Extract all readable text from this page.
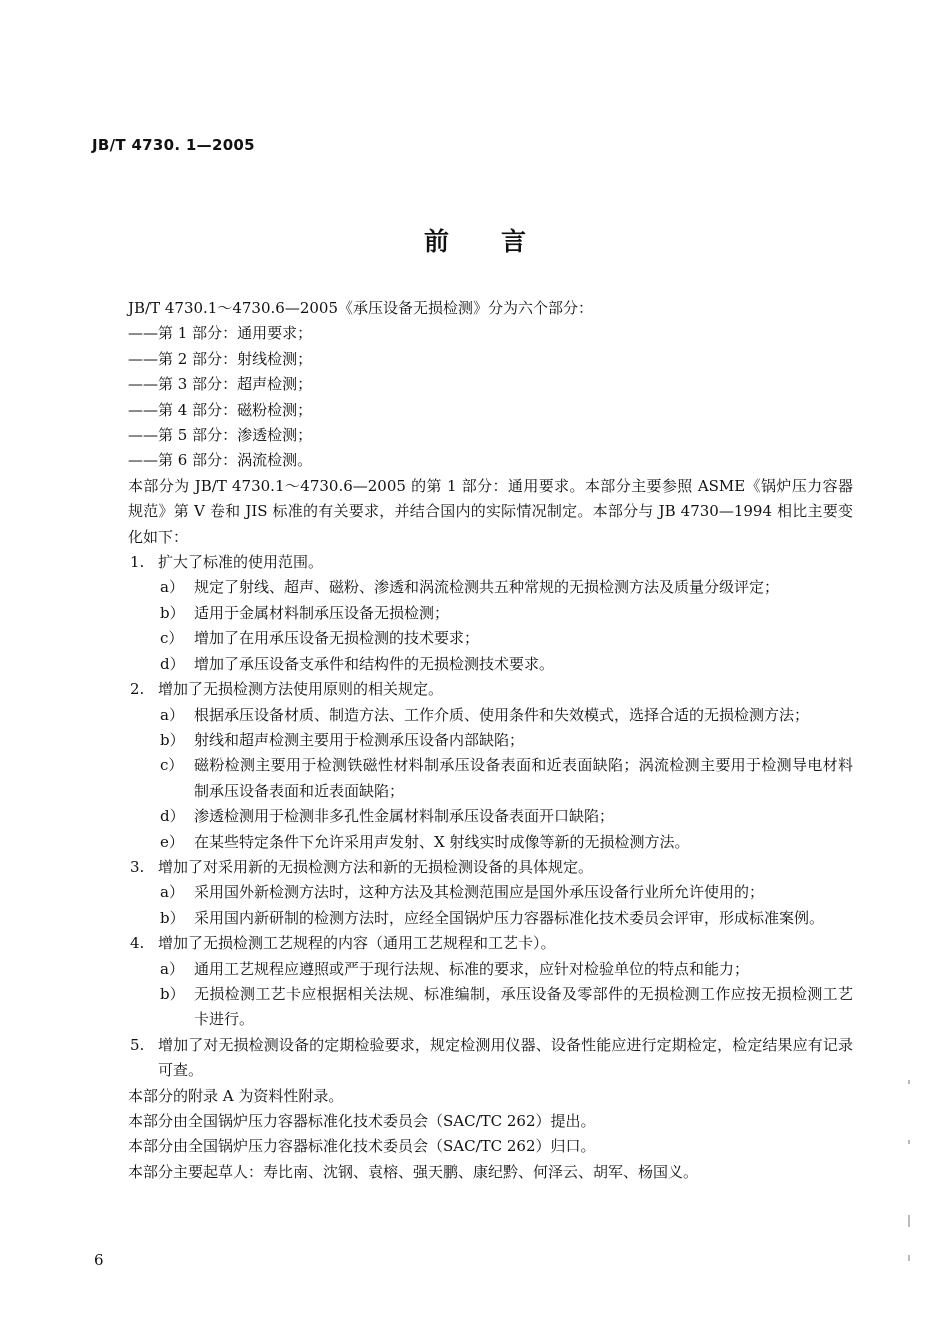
JB/T 4730. 1—2005
前言

JB/T 4730.1～4730.6—2005《承压设备无损检测》分为六个部分：

——第 1 部分：通用要求；

——第 2 部分：射线检测；

——第 3 部分：超声检测；

——第 4 部分：磁粉检测；

——第 5 部分：渗透检测；

——第 6 部分：涡流检测。

本部分为 JB/T 4730.1～4730.6—2005 的第 1 部分：通用要求。本部分主要参照 ASME《锅炉压力容器规范》第 V 卷和 JIS 标准的有关要求，并结合国内的实际情况制定。本部分与 JB 4730—1994 相比主要变化如下：

1. 扩大了标准的使用范围。
a） 规定了射线、超声、磁粉、渗透和涡流检测共五种常规的无损检测方法及质量分级评定；
b） 适用于金属材料制承压设备无损检测；
c） 增加了在用承压设备无损检测的技术要求；
d） 增加了承压设备支承件和结构件的无损检测技术要求。
2. 增加了无损检测方法使用原则的相关规定。
a） 根据承压设备材质、制造方法、工作介质、使用条件和失效模式，选择合适的无损检测方法；
b） 射线和超声检测主要用于检测承压设备内部缺陷；
c） 磁粉检测主要用于检测铁磁性材料制承压设备表面和近表面缺陷；涡流检测主要用于检测导电材料制承压设备表面和近表面缺陷；
d） 渗透检测用于检测非多孔性金属材料制承压设备表面开口缺陷；
e） 在某些特定条件下允许采用声发射、X 射线实时成像等新的无损检测方法。
3. 增加了对采用新的无损检测方法和新的无损检测设备的具体规定。
a） 采用国外新检测方法时，这种方法及其检测范围应是国外承压设备行业所允许使用的；
b） 采用国内新研制的检测方法时，应经全国锅炉压力容器标准化技术委员会评审，形成标准案例。
4. 增加了无损检测工艺规程的内容（通用工艺规程和工艺卡）。
a） 通用工艺规程应遵照或严于现行法规、标准的要求，应针对检验单位的特点和能力；
b） 无损检测工艺卡应根据相关法规、标准编制，承压设备及零部件的无损检测工作应按无损检测工艺卡进行。
5. 增加了对无损检测设备的定期检验要求，规定检测用仪器、设备性能应进行定期检定，检定结果应有记录可查。

本部分的附录 A 为资料性附录。

本部分由全国锅炉压力容器标准化技术委员会（SAC/TC 262）提出。

本部分由全国锅炉压力容器标准化技术委员会（SAC/TC 262）归口。

本部分主要起草人：寿比南、沈钢、袁榕、强天鹏、康纪黔、何泽云、胡军、杨国义。

6
